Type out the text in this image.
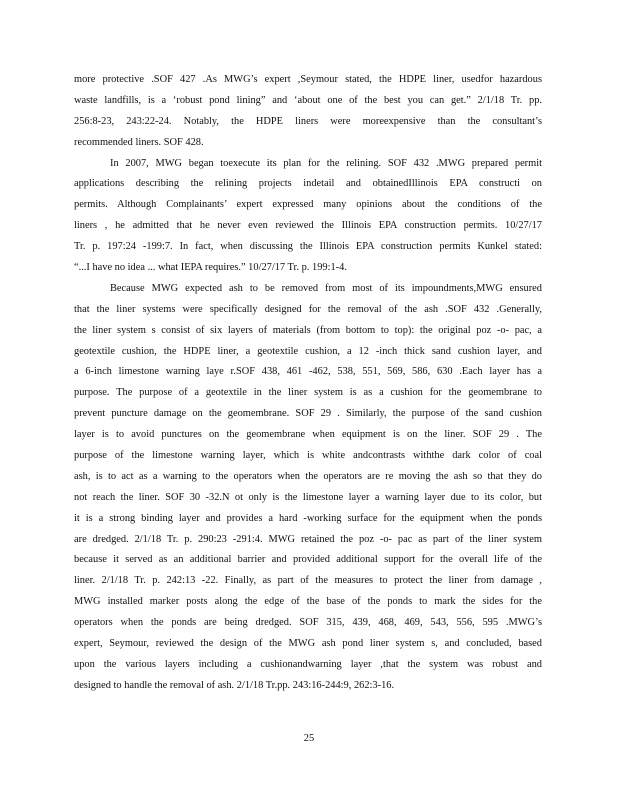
more protective .SOF 427 .As MWG’s expert ,Seymour stated, the HDPE liner, usedfor hazardous
waste landfills, is a ‘robust pond lining” and ‘about one of the best you can get.” 2/1/18 Tr. pp.
256:8-23, 243:22-24. Notably, the HDPE liners were moreexpensive than the consultant’s
recommended liners. SOF 428.
In 2007, MWG began toexecute its plan for the relining. SOF 432 .MWG prepared permit
applications describing the relining projects indetail and obtainedIllinois EPA constructi on
permits. Although Complainants’ expert expressed many opinions about the conditions of the
liners , he admitted that he never even reviewed the Illinois EPA construction permits. 10/27/17
Tr. p. 197:24 -199:7. In fact, when discussing the Illinois EPA construction permits Kunkel stated:
“...I have no idea ... what IEPA requires.” 10/27/17 Tr. p. 199:1-4.
Because MWG expected ash to be removed from most of its impoundments,MWG ensured
that the liner systems were specifically designed for the removal of the ash .SOF 432 .Generally,
the liner system s consist of six layers of materials (from bottom to top): the original poz -o- pac, a
geotextile cushion, the HDPE liner, a geotextile cushion, a 12 -inch thick sand cushion layer, and
a 6-inch limestone warning laye r.SOF 438, 461 -462, 538, 551, 569, 586, 630 .Each layer has a
purpose. The purpose of a geotextile in the liner system is as a cushion for the geomembrane to
prevent puncture damage on the geomembrane. SOF 29 . Similarly, the purpose of the sand cushion
layer is to avoid punctures on the geomembrane when equipment is on the liner. SOF 29 . The
purpose of the limestone warning layer, which is white andcontrasts withthe dark color of coal
ash, is to act as a warning to the operators when the operators are re moving the ash so that they do
not reach the liner. SOF 30 -32.N ot only is the limestone layer a warning layer due to its color, but
it is a strong binding layer and provides a hard -working surface for the equipment when the ponds
are dredged. 2/1/18 Tr. p. 290:23 -291:4. MWG retained the poz -o- pac as part of the liner system
because it served as an additional barrier and provided additional support for the overall life of the
liner. 2/1/18 Tr. p. 242:13 -22. Finally, as part of the measures to protect the liner from damage ,
MWG installed marker posts along the edge of the base of the ponds to mark the sides for the
operators when the ponds are being dredged. SOF 315, 439, 468, 469, 543, 556, 595 .MWG’s
expert, Seymour, reviewed the design of the MWG ash pond liner system s, and concluded, based
upon the various layers including a cushionandwarning layer ,that the system was robust and
designed to handle the removal of ash. 2/1/18 Tr.pp. 243:16-244:9, 262:3-16.
25
